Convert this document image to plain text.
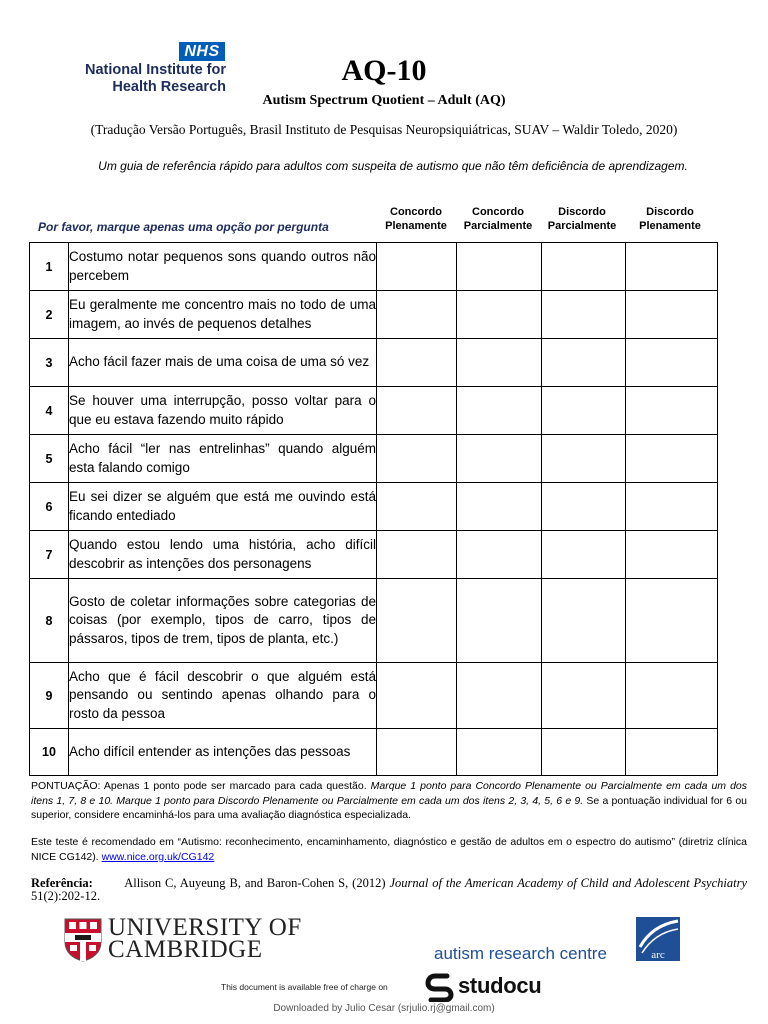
NHS
National Institute for
Health Research	AQ-10
Autism Spectrum Quotient – Adult (AQ)
(Tradução Versão Português, Brasil Instituto de Pesquisas Neuropsiquiátricas, SUAV – Waldir Toledo, 2020)
Um guia de referência rápido para adultos com suspeita de autismo que não têm deficiência de aprendizagem.
Concordo
Plenamente
Concordo
Parcialmente
Discordo
Parcialmente
Discordo
Plenamente
Por favor, marque apenas uma opção por pergunta
1	Costumo notar pequenos sons quando outros não percebem				
2	Eu geralmente me concentro mais no todo de uma imagem, ao invés de pequenos detalhes				
3	Acho fácil fazer mais de uma coisa de uma só vez				
4	Se houver uma interrupção, posso voltar para o que eu estava fazendo muito rápido				
5	Acho fácil “ler nas entrelinhas” quando alguém esta falando comigo				
6	Eu sei dizer se alguém que está me ouvindo está ficando entediado				
7	Quando estou lendo uma história, acho difícil descobrir as intenções dos personagens				
8	Gosto de coletar informações sobre categorias de coisas (por exemplo, tipos de carro, tipos de pássaros, tipos de trem, tipos de planta, etc.)				
9	Acho que é fácil descobrir o que alguém está pensando ou sentindo apenas olhando para o rosto da pessoa				
10	Acho difícil entender as intenções das pessoas				
PONTUAÇÃO: Apenas 1 ponto pode ser marcado para cada questão. Marque 1 ponto para Concordo Plenamente ou Parcialmente em cada um dos itens 1, 7, 8 e 10. Marque 1 ponto para Discordo Plenamente ou Parcialmente em cada um dos itens 2, 3, 4, 5, 6 e 9. Se a pontuação individual for 6 ou superior, considere encaminhá-los para uma avaliação diagnóstica especializada.
Este teste é recomendado em “Autismo: reconhecimento, encaminhamento, diagnóstico e gestão de adultos em o espectro do autismo” (diretriz clínica NICE CG142). www.nice.org.uk/CG142
Referência:	Allison C, Auyeung B, and Baron-Cohen S, (2012) Journal of the American Academy of Child and Adolescent Psychiatry 51(2):202-12.
UNIVERSITY OF
CAMBRIDGE	autism research centre	arc
This document is available free of charge on	studocu
Downloaded by Julio Cesar (srjulio.rj@gmail.com)
